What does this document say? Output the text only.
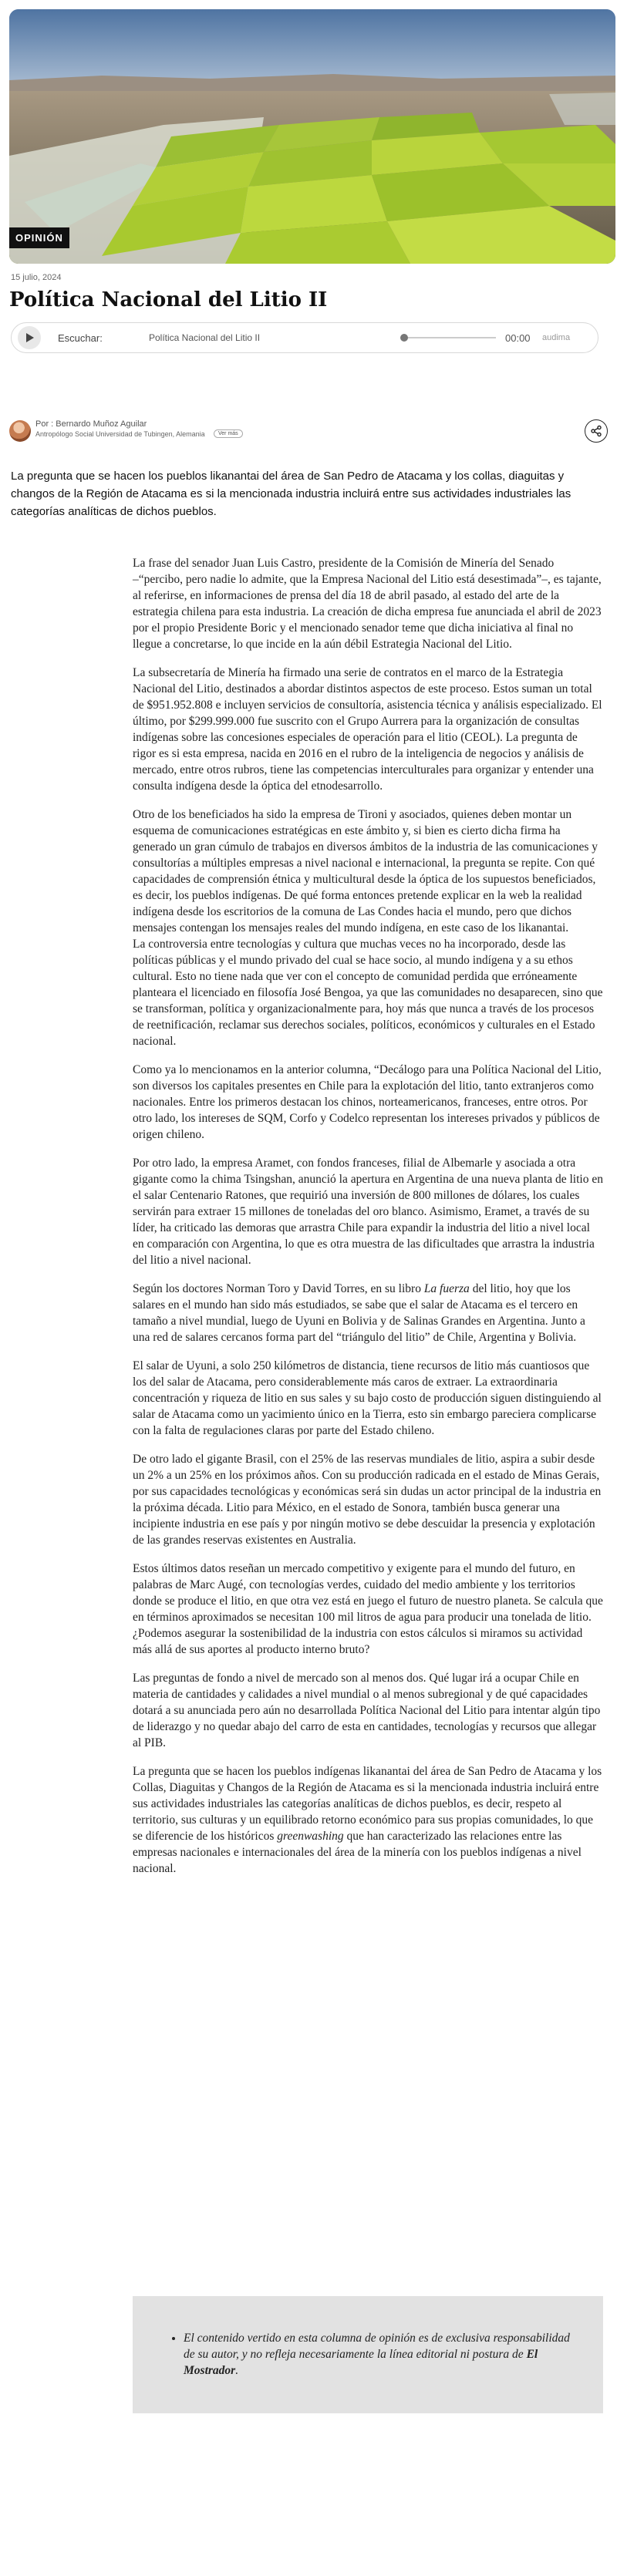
OPINIÓN
15 julio, 2024
Política Nacional del Litio II
Escuchar:	Política Nacional del Litio II	00:00	audima
Por : Bernardo Muñoz Aguilar
Antropólogo Social Universidad de Tubingen, Alemania	Ver más

La pregunta que se hacen los pueblos likanantai del área de San Pedro de Atacama y los collas, diaguitas y changos de la Región de Atacama es si la mencionada industria incluirá entre sus actividades industriales las categorías analíticas de dichos pueblos.

La frase del senador Juan Luis Castro, presidente de la Comisión de Minería del Senado –“percibo, pero nadie lo admite, que la Empresa Nacional del Litio está desestimada”–, es tajante, al referirse, en informaciones de prensa del día 18 de abril pasado, al estado del arte de la estrategia chilena para esta industria. La creación de dicha empresa fue anunciada el abril de 2023 por el propio Presidente Boric y el mencionado senador teme que dicha iniciativa al final no llegue a concretarse, lo que incide en la aún débil Estrategia Nacional del Litio.

La subsecretaría de Minería ha firmado una serie de contratos en el marco de la Estrategia Nacional del Litio, destinados a abordar distintos aspectos de este proceso. Estos suman un total de $951.952.808 e incluyen servicios de consultoría, asistencia técnica y análisis especializado. El último, por $299.999.000 fue suscrito con el Grupo Aurrera para la organización de consultas indígenas sobre las concesiones especiales de operación para el litio (CEOL). La pregunta de rigor es si esta empresa, nacida en 2016 en el rubro de la inteligencia de negocios y análisis de mercado, entre otros rubros, tiene las competencias interculturales para organizar y entender una consulta indígena desde la óptica del etnodesarrollo.

Otro de los beneficiados ha sido la empresa de Tironi y asociados, quienes deben montar un esquema de comunicaciones estratégicas en este ámbito y, si bien es cierto dicha firma ha generado un gran cúmulo de trabajos en diversos ámbitos de la industria de las comunicaciones y consultorías a múltiples empresas a nivel nacional e internacional, la pregunta se repite. Con qué capacidades de comprensión étnica y multicultural desde la óptica de los supuestos beneficiados, es decir, los pueblos indígenas. De qué forma entonces pretende explicar en la web la realidad indígena desde los escritorios de la comuna de Las Condes hacia el mundo, pero que dichos mensajes contengan los mensajes reales del mundo indígena, en este caso de los likanantai.

La controversia entre tecnologías y cultura que muchas veces no ha incorporado, desde las políticas públicas y el mundo privado del cual se hace socio, al mundo indígena y a su ethos cultural. Esto no tiene nada que ver con el concepto de comunidad perdida que erróneamente planteara el licenciado en filosofía José Bengoa, ya que las comunidades no desaparecen, sino que se transforman, política y organizacionalmente para, hoy más que nunca a través de los procesos de reetnificación, reclamar sus derechos sociales, políticos, económicos y culturales en el Estado nacional.

Como ya lo mencionamos en la anterior columna, “Decálogo para una Política Nacional del Litio, son diversos los capitales presentes en Chile para la explotación del litio, tanto extranjeros como nacionales. Entre los primeros destacan los chinos, norteamericanos, franceses, entre otros. Por otro lado, los intereses de SQM, Corfo y Codelco representan los intereses privados y públicos de origen chileno.

Por otro lado, la empresa Aramet, con fondos franceses, filial de Albemarle y asociada a otra gigante como la chima Tsingshan, anunció la apertura en Argentina de una nueva planta de litio en el salar Centenario Ratones, que requirió una inversión de 800 millones de dólares, los cuales servirán para extraer 15 millones de toneladas del oro blanco. Asimismo, Eramet, a través de su líder, ha criticado las demoras que arrastra Chile para expandir la industria del litio a nivel local en comparación con Argentina, lo que es otra muestra de las dificultades que arrastra la industria del litio a nivel nacional.

Según los doctores Norman Toro y David Torres, en su libro La fuerza del litio, hoy que los salares en el mundo han sido más estudiados, se sabe que el salar de Atacama es el tercero en tamaño a nivel mundial, luego de Uyuni en Bolivia y de Salinas Grandes en Argentina. Junto a una red de salares cercanos forma part del “triángulo del litio” de Chile, Argentina y Bolivia.

El salar de Uyuni, a solo 250 kilómetros de distancia, tiene recursos de litio más cuantiosos que los del salar de Atacama, pero considerablemente más caros de extraer. La extraordinaria concentración y riqueza de litio en sus sales y su bajo costo de producción siguen distinguiendo al salar de Atacama como un yacimiento único en la Tierra, esto sin embargo pareciera complicarse con la falta de regulaciones claras por parte del Estado chileno.

De otro lado el gigante Brasil, con el 25% de las reservas mundiales de litio, aspira a subir desde un 2% a un 25% en los próximos años. Con su producción radicada en el estado de Minas Gerais, por sus capacidades tecnológicas y económicas será sin dudas un actor principal de la industria en la próxima década. Litio para México, en el estado de Sonora, también busca generar una incipiente industria en ese país y por ningún motivo se debe descuidar la presencia y explotación de las grandes reservas existentes en Australia.

Estos últimos datos reseñan un mercado competitivo y exigente para el mundo del futuro, en palabras de Marc Augé, con tecnologías verdes, cuidado del medio ambiente y los territorios donde se produce el litio, en que otra vez está en juego el futuro de nuestro planeta. Se calcula que en términos aproximados se necesitan 100 mil litros de agua para producir una tonelada de litio. ¿Podemos asegurar la sostenibilidad de la industria con estos cálculos si miramos su actividad más allá de sus aportes al producto interno bruto?

Las preguntas de fondo a nivel de mercado son al menos dos. Qué lugar irá a ocupar Chile en materia de cantidades y calidades a nivel mundial o al menos subregional y de qué capacidades dotará a su anunciada pero aún no desarrollada Política Nacional del Litio para intentar algún tipo de liderazgo y no quedar abajo del carro de esta en cantidades, tecnologías y recursos que allegar al PIB.

La pregunta que se hacen los pueblos indígenas likanantai del área de San Pedro de Atacama y los Collas, Diaguitas y Changos de la Región de Atacama es si la mencionada industria incluirá entre sus actividades industriales las categorías analíticas de dichos pueblos, es decir, respeto al territorio, sus culturas y un equilibrado retorno económico para sus propias comunidades, lo que se diferencie de los históricos greenwashing que han caracterizado las relaciones entre las empresas nacionales e internacionales del área de la minería con los pueblos indígenas a nivel nacional.

• El contenido vertido en esta columna de opinión es de exclusiva responsabilidad de su autor, y no refleja necesariamente la línea editorial ni postura de El Mostrador.
